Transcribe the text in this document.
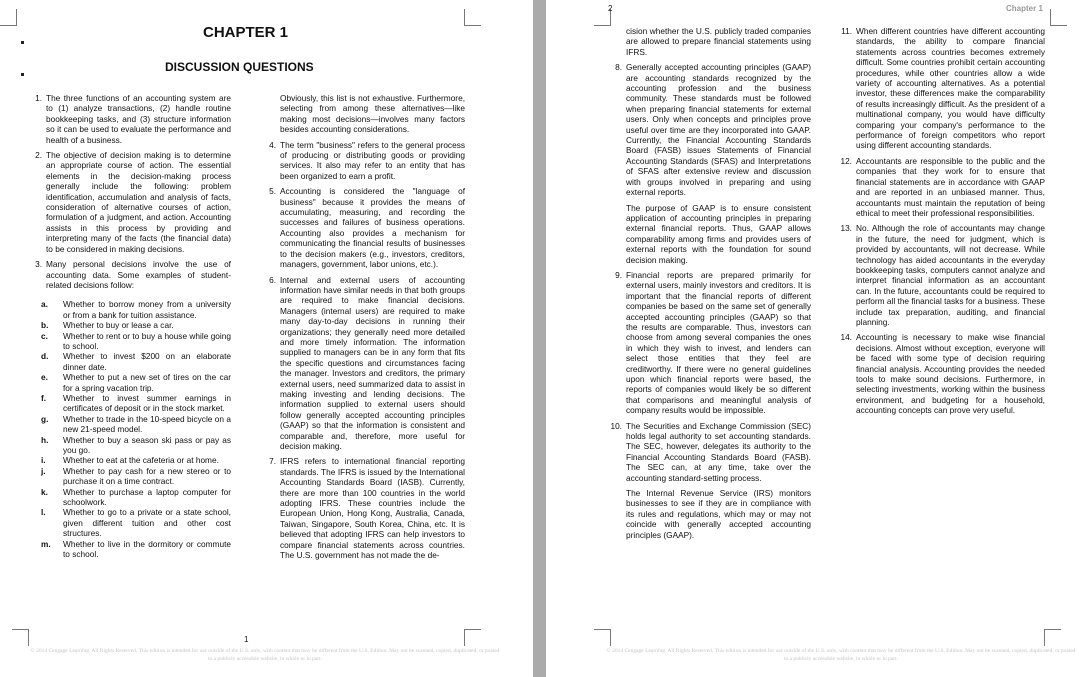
CHAPTER 1
DISCUSSION QUESTIONS
1. The three functions of an accounting system are to (1) analyze transactions, (2) handle routine bookkeeping tasks, and (3) structure information so it can be used to evaluate the performance and health of a business.
2. The objective of decision making is to determine an appropriate course of action. The essential elements in the decision-making process generally include the following: problem identification, accumulation and analysis of facts, consideration of alternative courses of action, formulation of a judgment, and action. Accounting assists in this process by providing and interpreting many of the facts (the financial data) to be considered in making decisions.
3. Many personal decisions involve the use of accounting data. Some examples of student-related decisions follow:
a. Whether to borrow money from a university or from a bank for tuition assistance.
b. Whether to buy or lease a car.
c. Whether to rent or to buy a house while going to school.
d. Whether to invest $200 on an elaborate dinner date.
e. Whether to put a new set of tires on the car for a spring vacation trip.
f. Whether to invest summer earnings in certificates of deposit or in the stock market.
g. Whether to trade in the 10-speed bicycle on a new 21-speed model.
h. Whether to buy a season ski pass or pay as you go.
i. Whether to eat at the cafeteria or at home.
j. Whether to pay cash for a new stereo or to purchase it on a time contract.
k. Whether to purchase a laptop computer for schoolwork.
l. Whether to go to a private or a state school, given different tuition and other cost structures.
m. Whether to live in the dormitory or commute to school.
Obviously, this list is not exhaustive. Furthermore, selecting from among these alternatives—like making most decisions—involves many factors besides accounting considerations.
4. The term "business" refers to the general process of producing or distributing goods or providing services. It also may refer to an entity that has been organized to earn a profit.
5. Accounting is considered the "language of business" because it provides the means of accumulating, measuring, and recording the successes and failures of business operations. Accounting also provides a mechanism for communicating the financial results of businesses to the decision makers (e.g., investors, creditors, managers, government, labor unions, etc.).
6. Internal and external users of accounting information have similar needs in that both groups are required to make financial decisions. Managers (internal users) are required to make many day-to-day decisions in running their organizations; they generally need more detailed and more timely information. The information supplied to managers can be in any form that fits the specific questions and circumstances facing the manager. Investors and creditors, the primary external users, need summarized data to assist in making investing and lending decisions. The information supplied to external users should follow generally accepted accounting principles (GAAP) so that the information is consistent and comparable and, therefore, more useful for decision making.
7. IFRS refers to international financial reporting standards. The IFRS is issued by the International Accounting Standards Board (IASB). Currently, there are more than 100 countries in the world adopting IFRS. These countries include the European Union, Hong Kong, Australia, Canada, Taiwan, Singapore, South Korea, China, etc. It is believed that adopting IFRS can help investors to compare financial statements across countries. The U.S. government has not made the de-
1
© 2014 Cengage Learning. All Rights Reserved. This edition is intended for use outside of the U.S. only, with content that may be different from the U.S. Edition. May not be scanned, copied, duplicated, or posted to a publicly accessible website, in whole or in part.
2	Chapter 1
cision whether the U.S. publicly traded companies are allowed to prepare financial statements using IFRS.
8. Generally accepted accounting principles (GAAP) are accounting standards recognized by the accounting profession and the business community. These standards must be followed when preparing financial statements for external users. Only when concepts and principles prove useful over time are they incorporated into GAAP. Currently, the Financial Accounting Standards Board (FASB) issues Statements of Financial Accounting Standards (SFAS) and Interpretations of SFAS after extensive review and discussion with groups involved in preparing and using external reports.
The purpose of GAAP is to ensure consistent application of accounting principles in preparing external financial reports. Thus, GAAP allows comparability among firms and provides users of external reports with the foundation for sound decision making.
9. Financial reports are prepared primarily for external users, mainly investors and creditors. It is important that the financial reports of different companies be based on the same set of generally accepted accounting principles (GAAP) so that the results are comparable. Thus, investors can choose from among several companies the ones in which they wish to invest, and lenders can select those entities that they feel are creditworthy. If there were no general guidelines upon which financial reports were based, the reports of companies would likely be so different that comparisons and meaningful analysis of company results would be impossible.
10. The Securities and Exchange Commission (SEC) holds legal authority to set accounting standards. The SEC, however, delegates its authority to the Financial Accounting Standards Board (FASB). The SEC can, at any time, take over the accounting standard-setting process.
The Internal Revenue Service (IRS) monitors businesses to see if they are in compliance with its rules and regulations, which may or may not coincide with generally accepted accounting principles (GAAP).
11. When different countries have different accounting standards, the ability to compare financial statements across countries becomes extremely difficult. Some countries prohibit certain accounting procedures, while other countries allow a wide variety of accounting alternatives. As a potential investor, these differences make the comparability of results increasingly difficult. As the president of a multinational company, you would have difficulty comparing your company's performance to the performance of foreign competitors who report using different accounting standards.
12. Accountants are responsible to the public and the companies that they work for to ensure that financial statements are in accordance with GAAP and are reported in an unbiased manner. Thus, accountants must maintain the reputation of being ethical to meet their professional responsibilities.
13. No. Although the role of accountants may change in the future, the need for judgment, which is provided by accountants, will not decrease. While technology has aided accountants in the everyday bookkeeping tasks, computers cannot analyze and interpret financial information as an accountant can. In the future, accountants could be required to perform all the financial tasks for a business. These include tax preparation, auditing, and financial planning.
14. Accounting is necessary to make wise financial decisions. Almost without exception, everyone will be faced with some type of decision requiring financial analysis. Accounting provides the needed tools to make sound decisions. Furthermore, in selecting investments, working within the business environment, and budgeting for a household, accounting concepts can prove very useful.
© 2014 Cengage Learning. All Rights Reserved. This edition is intended for use outside of the U.S. only, with content that may be different from the U.S. Edition. May not be scanned, copied, duplicated, or posted to a publicly accessible website, in whole or in part.
